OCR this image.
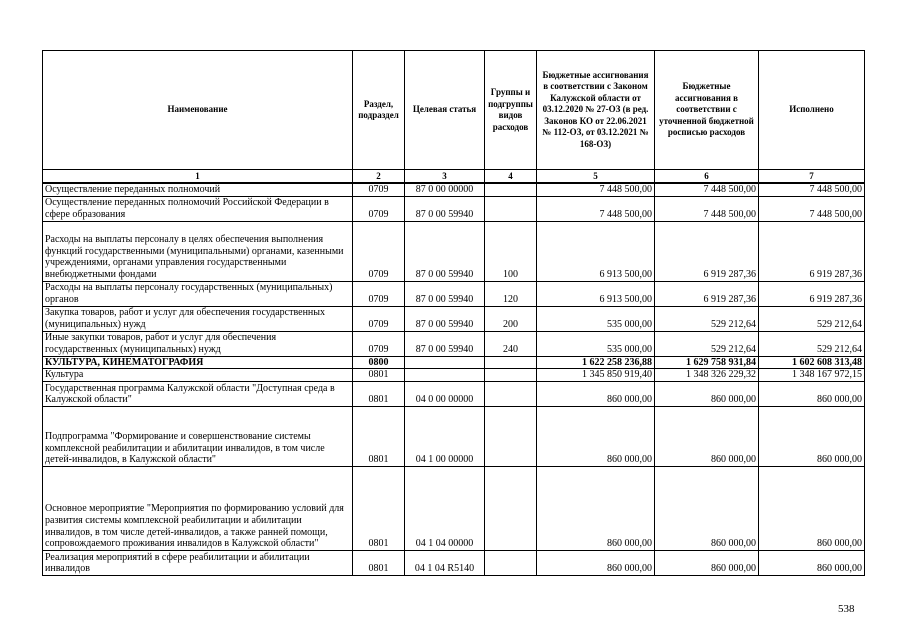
Наименование	Раздел, подраздел	Целевая статья	Группы и подгруппы видов расходов	Бюджетные ассигнования в соответствии с Законом Калужской области от 03.12.2020 № 27-ОЗ (в ред. Законов КО от 22.06.2021 № 112-ОЗ, от 03.12.2021 № 168-ОЗ)	Бюджетные ассигнования в соответствии с уточненной бюджетной росписью расходов	Исполнено
1	2	3	4	5	6	7
Осуществление переданных полномочий	0709	87 0 00 00000		7 448 500,00	7 448 500,00	7 448 500,00
Осуществление переданных полномочий Российской Федерации в сфере образования	0709	87 0 00 59940		7 448 500,00	7 448 500,00	7 448 500,00
Расходы на выплаты персоналу в целях обеспечения выполнения функций государственными (муниципальными) органами, казенными учреждениями, органами управления государственными внебюджетными фондами	0709	87 0 00 59940	100	6 913 500,00	6 919 287,36	6 919 287,36
Расходы на выплаты персоналу государственных (муниципальных) органов	0709	87 0 00 59940	120	6 913 500,00	6 919 287,36	6 919 287,36
Закупка товаров, работ и услуг для обеспечения государственных (муниципальных) нужд	0709	87 0 00 59940	200	535 000,00	529 212,64	529 212,64
Иные закупки товаров, работ и услуг для обеспечения государственных (муниципальных) нужд	0709	87 0 00 59940	240	535 000,00	529 212,64	529 212,64
КУЛЬТУРА, КИНЕМАТОГРАФИЯ	0800			1 622 258 236,88	1 629 758 931,84	1 602 608 313,48
Культура	0801			1 345 850 919,40	1 348 326 229,32	1 348 167 972,15
Государственная программа Калужской области "Доступная среда в Калужской области"	0801	04 0 00 00000		860 000,00	860 000,00	860 000,00
Подпрограмма "Формирование и совершенствование системы комплексной реабилитации и абилитации инвалидов, в том числе детей-инвалидов, в Калужской области"	0801	04 1 00 00000		860 000,00	860 000,00	860 000,00
Основное мероприятие "Мероприятия по формированию условий для развития системы комплексной реабилитации и абилитации инвалидов, в том числе детей-инвалидов, а также ранней помощи, сопровождаемого проживания инвалидов в Калужской области"	0801	04 1 04 00000		860 000,00	860 000,00	860 000,00
Реализация мероприятий в сфере реабилитации и абилитации инвалидов	0801	04 1 04 R5140		860 000,00	860 000,00	860 000,00
538
